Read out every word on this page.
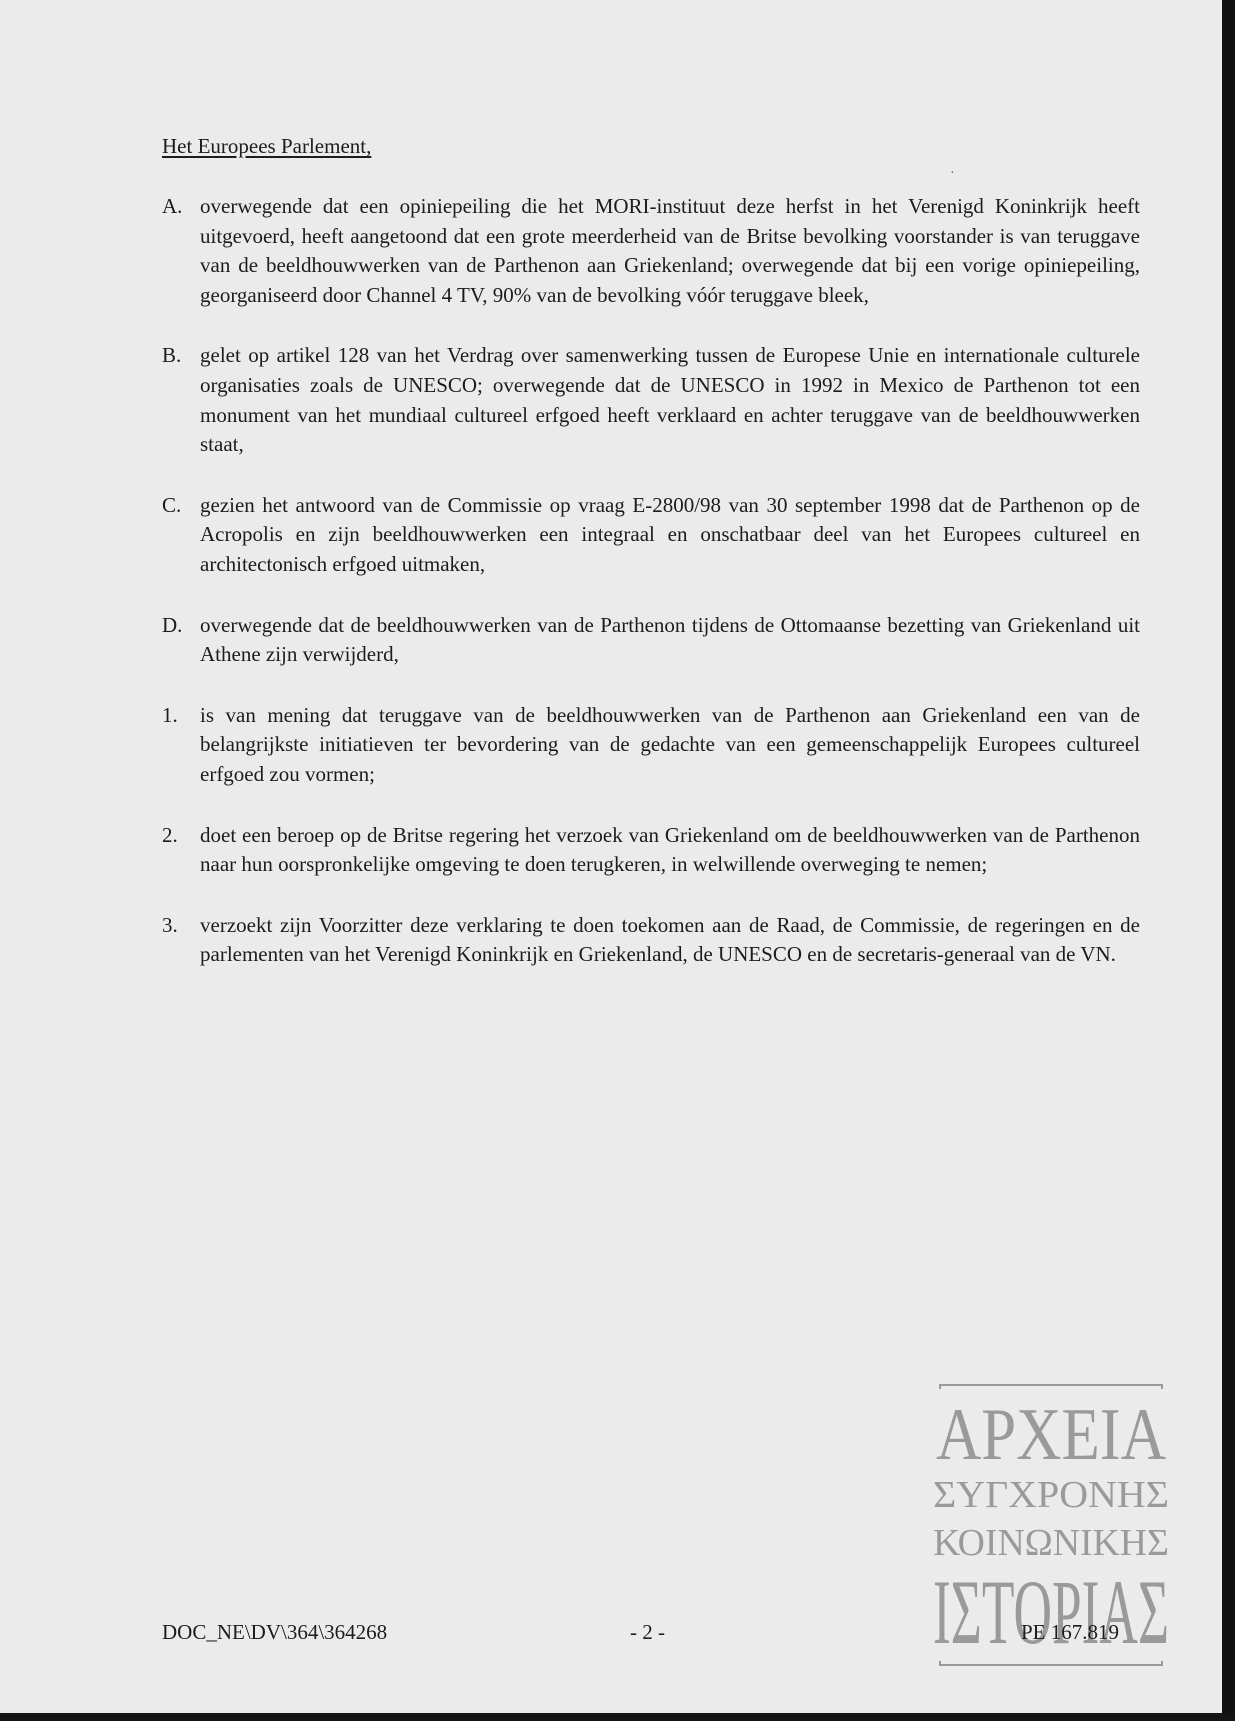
·

Het Europees Parlement,

A. overwegende dat een opiniepeiling die het MORI-instituut deze herfst in het Verenigd Koninkrijk heeft uitgevoerd, heeft aangetoond dat een grote meerderheid van de Britse bevolking voorstander is van teruggave van de beeldhouwwerken van de Parthenon aan Griekenland; overwegende dat bij een vorige opiniepeiling, georganiseerd door Channel 4 TV, 90% van de bevolking vóór teruggave bleek,
B. gelet op artikel 128 van het Verdrag over samenwerking tussen de Europese Unie en internationale culturele organisaties zoals de UNESCO; overwegende dat de UNESCO in 1992 in Mexico de Parthenon tot een monument van het mundiaal cultureel erfgoed heeft verklaard en achter teruggave van de beeldhouwwerken staat,
C. gezien het antwoord van de Commissie op vraag E-2800/98 van 30 september 1998 dat de Parthenon op de Acropolis en zijn beeldhouwwerken een integraal en onschatbaar deel van het Europees cultureel en architectonisch erfgoed uitmaken,
D. overwegende dat de beeldhouwwerken van de Parthenon tijdens de Ottomaanse bezetting van Griekenland uit Athene zijn verwijderd,
1. is van mening dat teruggave van de beeldhouwwerken van de Parthenon aan Griekenland een van de belangrijkste initiatieven ter bevordering van de gedachte van een gemeenschappelijk Europees cultureel erfgoed zou vormen;
2. doet een beroep op de Britse regering het verzoek van Griekenland om de beeldhouwwerken van de Parthenon naar hun oorspronkelijke omgeving te doen terugkeren, in welwillende overweging te nemen;
3. verzoekt zijn Voorzitter deze verklaring te doen toekomen aan de Raad, de Commissie, de regeringen en de parlementen van het Verenigd Koninkrijk en Griekenland, de UNESCO en de secretaris-generaal van de VN.
ΑΡΧΕΙΑ
ΣΥΓΧΡΟΝΗΣ
ΚΟΙΝΩΝΙΚΗΣ
ΙΣΤΟΡΙΑΣ
DOC_NE\DV\364\364268	- 2 -	PE 167.819
